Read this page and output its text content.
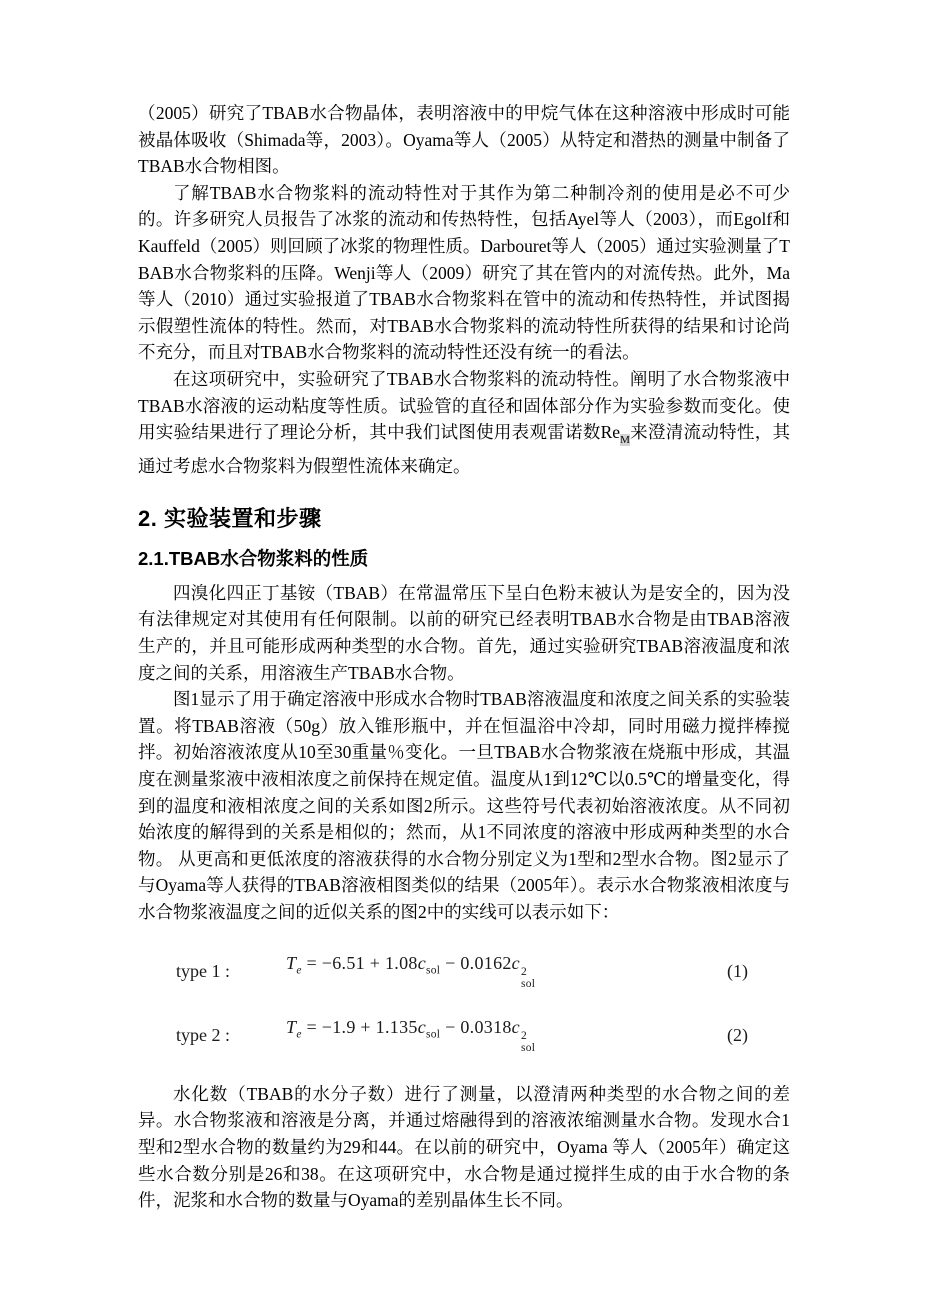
（2005）研究了TBAB水合物晶体，表明溶液中的甲烷气体在这种溶液中形成时可能被晶体吸收（Shimada等，2003）。Oyama等人（2005）从特定和潜热的测量中制备了TBAB水合物相图。

了解TBAB水合物浆料的流动特性对于其作为第二种制冷剂的使用是必不可少的。许多研究人员报告了冰浆的流动和传热特性，包括Ayel等人（2003），而Egolf和Kauffeld（2005）则回顾了冰浆的物理性质。Darbouret等人（2005）通过实验测量了TBAB水合物浆料的压降。Wenji等人（2009）研究了其在管内的对流传热。此外，Ma等人（2010）通过实验报道了TBAB水合物浆料在管中的流动和传热特性，并试图揭示假塑性流体的特性。然而，对TBAB水合物浆料的流动特性所获得的结果和讨论尚不充分，而且对TBAB水合物浆料的流动特性还没有统一的看法。

在这项研究中，实验研究了TBAB水合物浆料的流动特性。阐明了水合物浆液中TBAB水溶液的运动粘度等性质。试验管的直径和固体部分作为实验参数而变化。使用实验结果进行了理论分析，其中我们试图使用表观雷诺数$Re_M$来澄清流动特性，其通过考虑水合物浆料为假塑性流体来确定。

2. 实验装置和步骤
2.1.TBAB水合物浆料的性质

四溴化四正丁基铵（TBAB）在常温常压下呈白色粉末被认为是安全的，因为没有法律规定对其使用有任何限制。以前的研究已经表明TBAB水合物是由TBAB溶液生产的，并且可能形成两种类型的水合物。首先，通过实验研究TBAB溶液温度和浓度之间的关系，用溶液生产TBAB水合物。

图1显示了用于确定溶液中形成水合物时TBAB溶液温度和浓度之间关系的实验装置。将TBAB溶液（50g）放入锥形瓶中，并在恒温浴中冷却，同时用磁力搅拌棒搅拌。初始溶液浓度从10至30重量％变化。一旦TBAB水合物浆液在烧瓶中形成，其温度在测量浆液中液相浓度之前保持在规定值。温度从1到12℃以0.5℃的增量变化，得到的温度和液相浓度之间的关系如图2所示。这些符号代表初始溶液浓度。从不同初始浓度的解得到的关系是相似的；然而，从1不同浓度的溶液中形成两种类型的水合物。 从更高和更低浓度的溶液获得的水合物分别定义为1型和2型水合物。图2显示了与Oyama等人获得的TBAB溶液相图类似的结果（2005年）。表示水合物浆液相浓度与水合物浆液温度之间的近似关系的图2中的实线可以表示如下：

type 1 :	$T_e = -6.51 + 1.08c_{sol} - 0.0162c$ 2
sol
(1)
type 2 :	$T_e = -1.9 + 1.135c_{sol} - 0.0318c$ 2
sol
(2)

水化数（TBAB的水分子数）进行了测量，以澄清两种类型的水合物之间的差异。水合物浆液和溶液是分离，并通过熔融得到的溶液浓缩测量水合物。发现水合1型和2型水合物的数量约为29和44。在以前的研究中，Oyama 等人（2005年）确定这些水合数分别是26和38。在这项研究中，水合物是通过搅拌生成的由于水合物的条件，泥浆和水合物的数量与Oyama的差别晶体生长不同。
